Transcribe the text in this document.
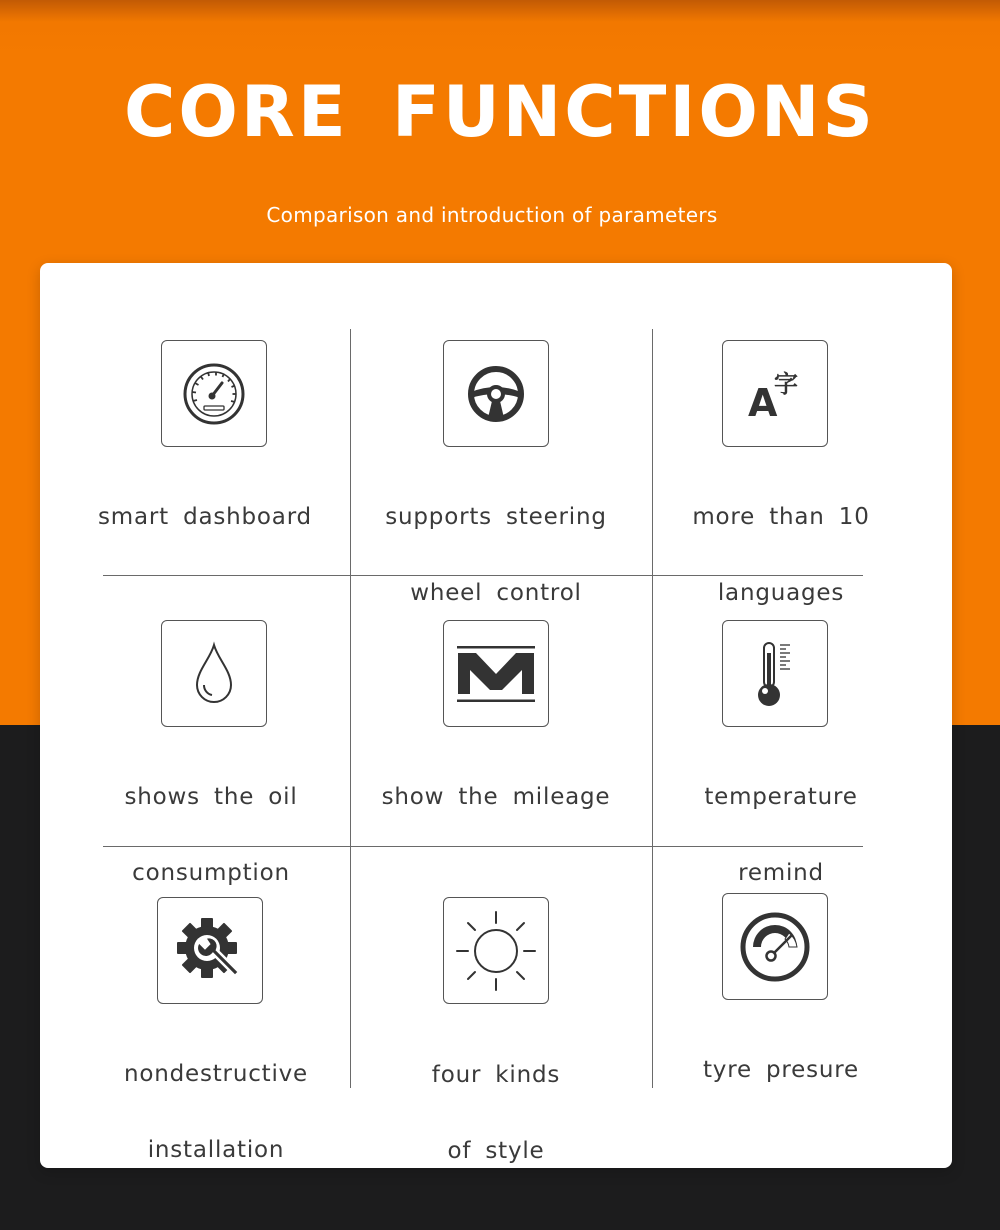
CORE FUNCTIONS
Comparison and introduction of parameters

smart dashboard	supports steering

wheel control

A
字

more than 10

languages

shows the oil

consumption

show the mileage	temperature

remind

nondestructive

installation

four kinds

of style

tyre presure
